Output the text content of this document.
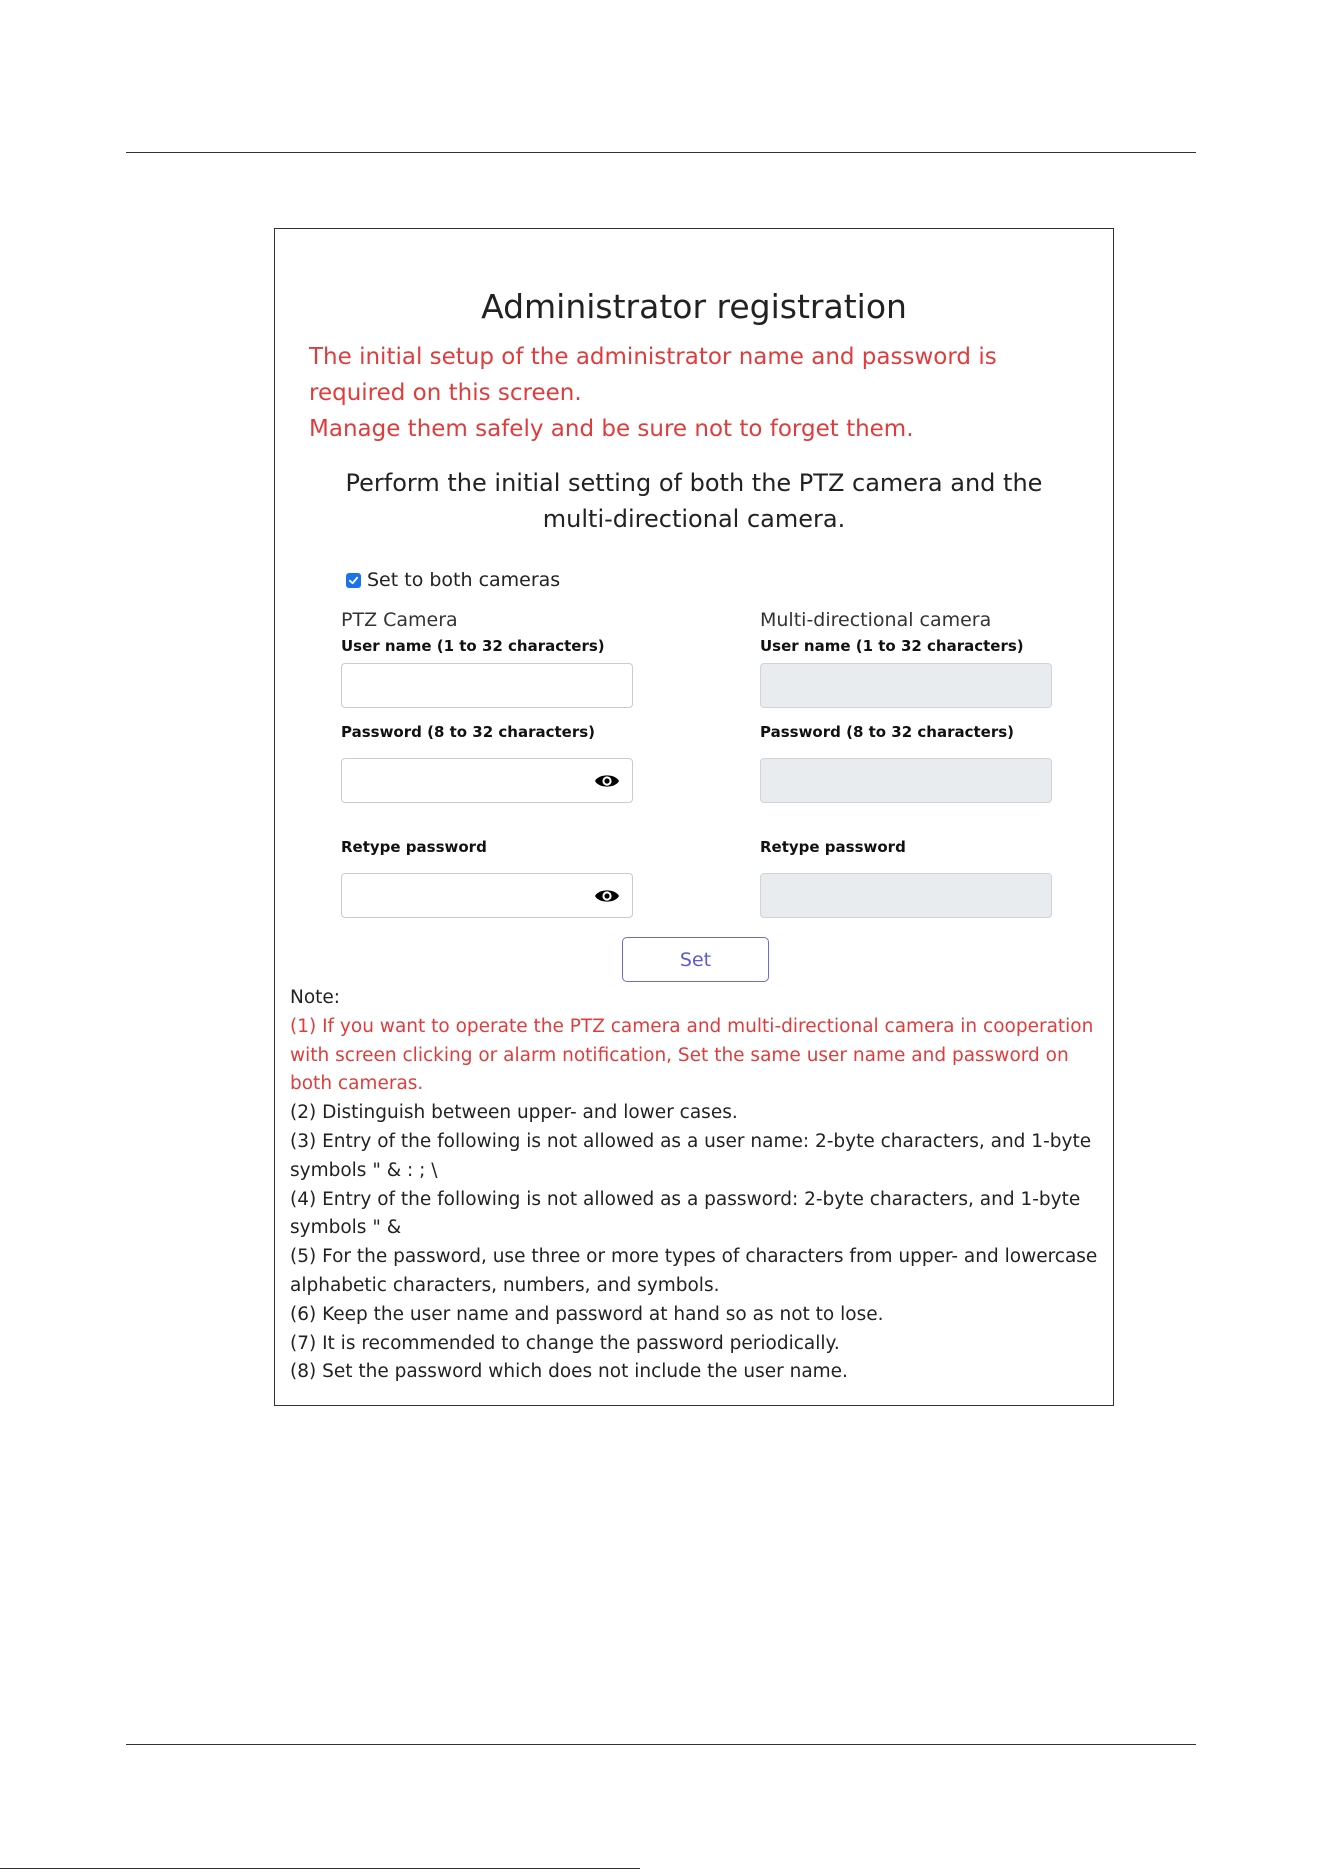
Administrator registration
The initial setup of the administrator name and password is
required on this screen.
Manage them safely and be sure not to forget them.

Perform the initial setting of both the PTZ camera and the multi-directional camera.

Set to both cameras

PTZ Camera

User name (1 to 32 characters)

Password (8 to 32 characters)

Retype password

Multi-directional camera

User name (1 to 32 characters)

Password (8 to 32 characters)

Retype password

Set

Note:

(1) If you want to operate the PTZ camera and multi-directional camera in cooperation with screen clicking or alarm notification, Set the same user name and password on both cameras.

(2) Distinguish between upper- and lower cases.

(3) Entry of the following is not allowed as a user name: 2-byte characters, and 1-byte symbols " & : ; \

(4) Entry of the following is not allowed as a password: 2-byte characters, and 1-byte symbols " &

(5) For the password, use three or more types of characters from upper- and lowercase alphabetic characters, numbers, and symbols.

(6) Keep the user name and password at hand so as not to lose.

(7) It is recommended to change the password periodically.

(8) Set the password which does not include the user name.
